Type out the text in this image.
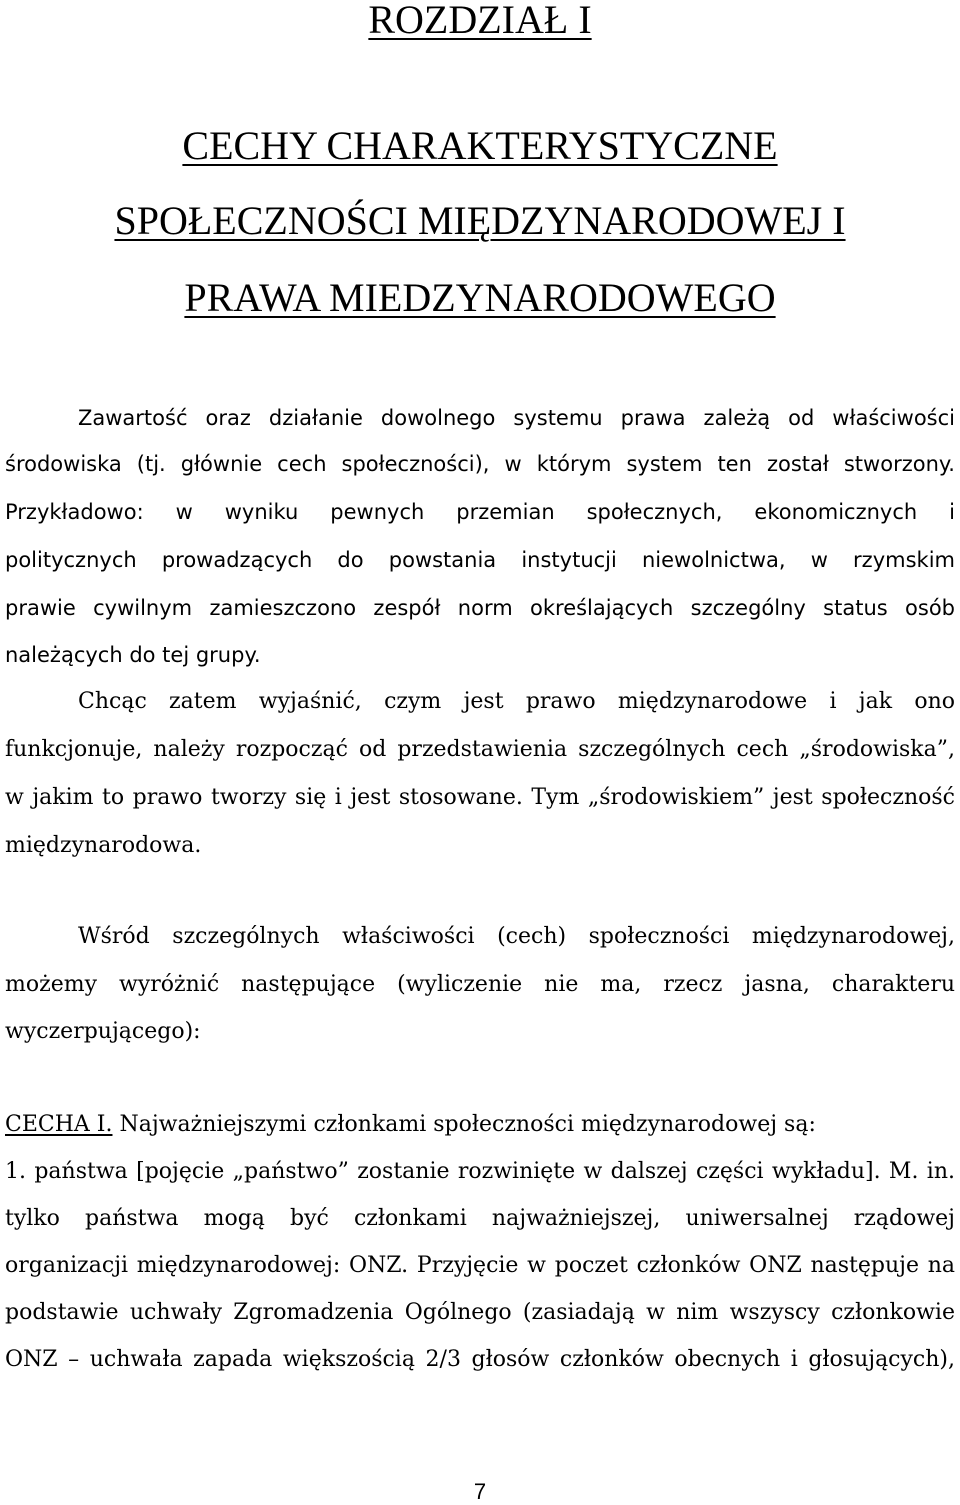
ROZDZIAŁ I
CECHY CHARAKTERYSTYCZNE
SPOŁECZNOŚCI MIĘDZYNARODOWEJ I
PRAWA MIEDZYNARODOWEGO
Zawartość oraz działanie dowolnego systemu prawa zależą od właściwości
środowiska (tj. głównie cech społeczności), w którym system ten został stworzony.
Przykładowo: w wyniku pewnych przemian społecznych, ekonomicznych i
politycznych prowadzących do powstania instytucji niewolnictwa, w rzymskim
prawie cywilnym zamieszczono zespół norm określających szczególny status osób
należących do tej grupy.
Chcąc zatem wyjaśnić, czym jest prawo międzynarodowe i jak ono
funkcjonuje, należy rozpocząć od przedstawienia szczególnych cech „środowiska”,
w jakim to prawo tworzy się i jest stosowane. Tym „środowiskiem” jest społeczność
międzynarodowa.
Wśród szczególnych właściwości (cech) społeczności międzynarodowej,
możemy wyróżnić następujące (wyliczenie nie ma, rzecz jasna, charakteru
wyczerpującego):
CECHA I. Najważniejszymi członkami społeczności międzynarodowej są:
1. państwa [pojęcie „państwo” zostanie rozwinięte w dalszej części wykładu]. M. in.
tylko państwa mogą być członkami najważniejszej, uniwersalnej rządowej
organizacji międzynarodowej: ONZ. Przyjęcie w poczet członków ONZ następuje na
podstawie uchwały Zgromadzenia Ogólnego (zasiadają w nim wszyscy członkowie
ONZ – uchwała zapada większością 2/3 głosów członków obecnych i głosujących),
7
